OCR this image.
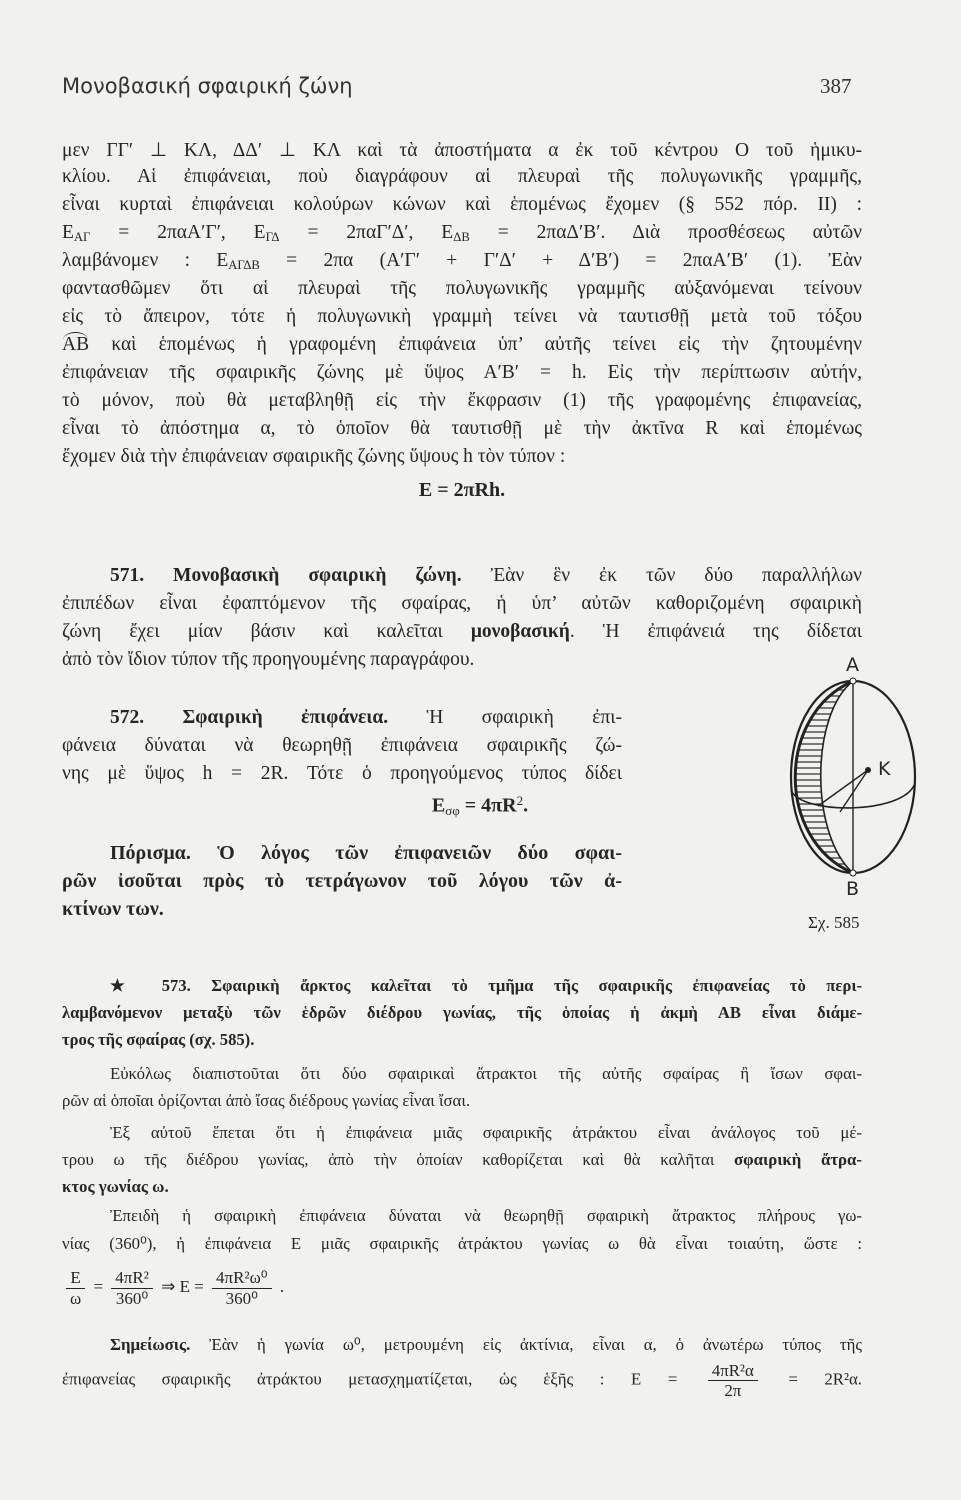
Μονοβασική σφαιρική ζώνη	387
μεν ΓΓ′ ⊥ ΚΛ, ΔΔ′ ⊥ ΚΛ καὶ τὰ ἀποστήματα α ἐκ τοῦ κέντρου Ο τοῦ ἡμικυ-
κλίου. Αἱ ἐπιφάνειαι, ποὺ διαγράφουν αἱ πλευραὶ τῆς πολυγωνικῆς γραμμῆς,
εἶναι κυρταὶ ἐπιφάνειαι κολούρων κώνων καὶ ἑπομένως ἔχομεν (§ 552 πόρ. II) :
$E_{A\Gamma} = 2\pi\alpha A'\Gamma'$, $E_{\Gamma\Delta} = 2\pi\alpha\Gamma'\Delta'$, $E_{\Delta B} = 2\pi\alpha\Delta'B'$. Διὰ προσθέσεως αὐτῶν
λαμβάνομεν : $E_{A\Gamma\Delta B} = 2\pi\alpha$ (Α′Γ′ + Γ′Δ′ + Δ′Β′) = 2παΑ′Β′ (1). Ἐὰν
φαντασθῶμεν ὅτι αἱ πλευραὶ τῆς πολυγωνικῆς γραμμῆς αὐξανόμεναι τείνουν
εἰς τὸ ἄπειρον, τότε ἡ πολυγωνικὴ γραμμὴ τείνει νὰ ταυτισθῇ μετὰ τοῦ τόξου
ΑΒ καὶ ἑπομένως ἡ γραφομένη ἐπιφάνεια ὑπ’ αὐτῆς τείνει εἰς τὴν ζητουμένην
ἐπιφάνειαν τῆς σφαιρικῆς ζώνης μὲ ὕψος Α′Β′ = h. Εἰς τὴν περίπτωσιν αὐτήν,
τὸ μόνον, ποὺ θὰ μεταβληθῇ εἰς τὴν ἔκφρασιν (1) τῆς γραφομένης ἐπιφανείας,
εἶναι τὸ ἀπόστημα α, τὸ ὁποῖον θὰ ταυτισθῇ μὲ τὴν ἀκτῖνα R καὶ ἑπομένως
ἔχομεν διὰ τὴν ἐπιφάνειαν σφαιρικῆς ζώνης ὕψους h τὸν τύπον :
E = 2πRh.
571. Μονοβασικὴ σφαιρικὴ ζώνη. Ἐὰν ἓν ἐκ τῶν δύο παραλλήλων
ἐπιπέδων εἶναι ἐφαπτόμενον τῆς σφαίρας, ἡ ὑπ’ αὐτῶν καθοριζομένη σφαιρικὴ
ζώνη ἔχει μίαν βάσιν καὶ καλεῖται μονοβασική. Ἡ ἐπιφάνειά της δίδεται
ἀπὸ τὸν ἴδιον τύπον τῆς προηγουμένης παραγράφου.
572. Σφαιρικὴ ἐπιφάνεια. Ἡ σφαιρικὴ ἐπι-
φάνεια δύναται νὰ θεωρηθῇ ἐπιφάνεια σφαιρικῆς ζώ-
νης μὲ ὕψος h = 2R. Τότε ὁ προηγούμενος τύπος δίδει
$E_{\sigma\varphi} = 4\pi R^2$.
Πόρισμα. Ὁ λόγος τῶν ἐπιφανειῶν δύο σφαι-
ρῶν ἰσοῦται πρὸς τὸ τετράγωνον τοῦ λόγου τῶν ἀ-
κτίνων των.
★ 573. Σφαιρικὴ ἄρκτος καλεῖται τὸ τμῆμα τῆς σφαιρικῆς ἐπιφανείας τὸ περι-
λαμβανόμενον μεταξὺ τῶν ἑδρῶν διέδρου γωνίας, τῆς ὁποίας ἡ ἀκμὴ ΑΒ εἶναι διάμε-
τρος τῆς σφαίρας (σχ. 585).
Εὐκόλως διαπιστοῦται ὅτι δύο σφαιρικαὶ ἄτρακτοι τῆς αὐτῆς σφαίρας ἢ ἴσων σφαι-
ρῶν αἱ ὁποῖαι ὁρίζονται ἀπὸ ἴσας διέδρους γωνίας εἶναι ἴσαι.
Ἐξ αὐτοῦ ἕπεται ὅτι ἡ ἐπιφάνεια μιᾶς σφαιρικῆς ἀτράκτου εἶναι ἀνάλογος τοῦ μέ-
τρου ω τῆς διέδρου γωνίας, ἀπὸ τὴν ὁποίαν καθορίζεται καὶ θὰ καλῆται σφαιρικὴ ἄτρα-
κτος γωνίας ω.
Ἐπειδὴ ἡ σφαιρικὴ ἐπιφάνεια δύναται νὰ θεωρηθῇ σφαιρικὴ ἄτρακτος πλήρους γω-
νίας (360⁰), ἡ ἐπιφάνεια E μιᾶς σφαιρικῆς ἀτράκτου γωνίας ω θὰ εἶναι τοιαύτη, ὥστε :
$\frac{E}{\omega} = \frac{\text{4πR²}}{\text{360⁰}}$ ⇒ $E = \frac{\text{4πR²ω⁰}}{\text{360⁰}}$ .
Σημείωσις. Ἐὰν ἡ γωνία ω⁰, μετρουμένη εἰς ἀκτίνια, εἶναι α, ὁ ἀνωτέρω τύπος τῆς
ἐπιφανείας σφαιρικῆς ἀτράκτου μετασχηματίζεται, ὡς ἑξῆς : $E = \frac{\text{4πR²α}}{2\pi} = 2R^2\alpha$.
A
K
B
Σχ. 585
